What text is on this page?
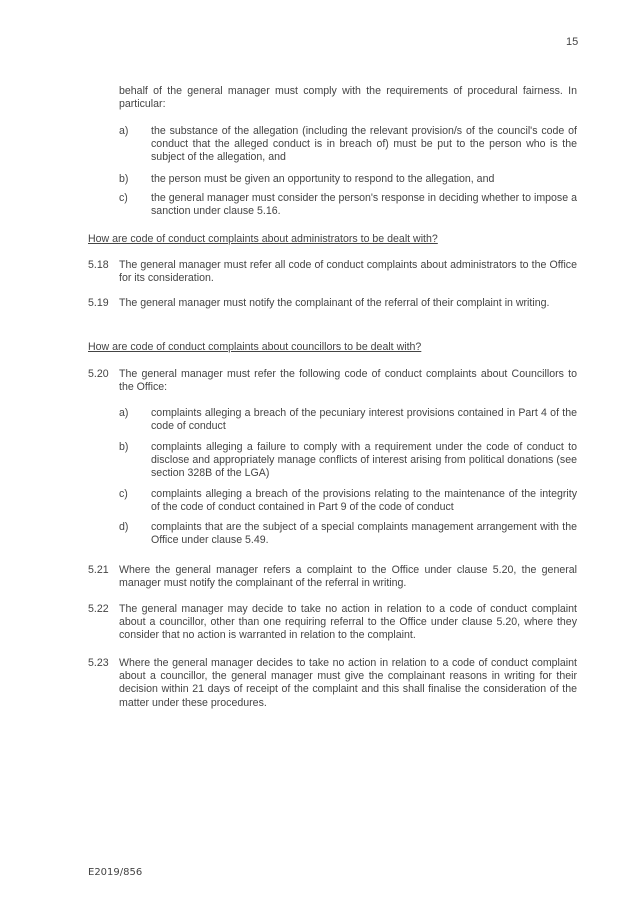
15
behalf of the general manager must comply with the requirements of procedural fairness. In particular:
a) the substance of the allegation (including the relevant provision/s of the council's code of conduct that the alleged conduct is in breach of) must be put to the person who is the subject of the allegation, and
b) the person must be given an opportunity to respond to the allegation, and
c) the general manager must consider the person's response in deciding whether to impose a sanction under clause 5.16.
How are code of conduct complaints about administrators to be dealt with?
5.18 The general manager must refer all code of conduct complaints about administrators to the Office for its consideration.
5.19 The general manager must notify the complainant of the referral of their complaint in writing.
How are code of conduct complaints about councillors to be dealt with?
5.20 The general manager must refer the following code of conduct complaints about Councillors to the Office:
a) complaints alleging a breach of the pecuniary interest provisions contained in Part 4 of the code of conduct
b) complaints alleging a failure to comply with a requirement under the code of conduct to disclose and appropriately manage conflicts of interest arising from political donations (see section 328B of the LGA)
c) complaints alleging a breach of the provisions relating to the maintenance of the integrity of the code of conduct contained in Part 9 of the code of conduct
d) complaints that are the subject of a special complaints management arrangement with the Office under clause 5.49.
5.21 Where the general manager refers a complaint to the Office under clause 5.20, the general manager must notify the complainant of the referral in writing.
5.22 The general manager may decide to take no action in relation to a code of conduct complaint about a councillor, other than one requiring referral to the Office under clause 5.20, where they consider that no action is warranted in relation to the complaint.
5.23 Where the general manager decides to take no action in relation to a code of conduct complaint about a councillor, the general manager must give the complainant reasons in writing for their decision within 21 days of receipt of the complaint and this shall finalise the consideration of the matter under these procedures.
E2019/856
